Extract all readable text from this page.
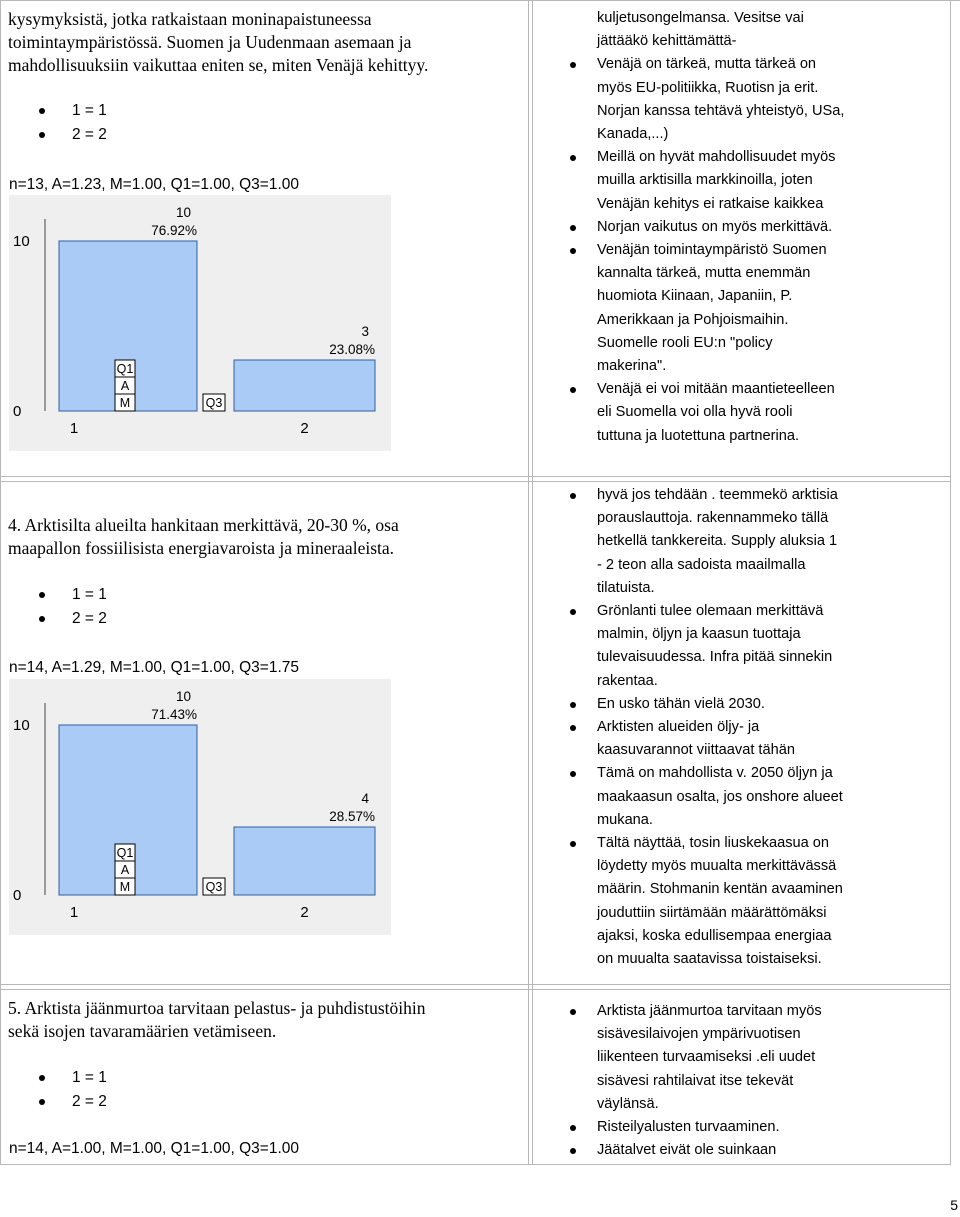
kysymyksistä, jotka ratkaistaan moninapaistuneessa
toimintaympäristössä. Suomen ja Uudenmaan asemaan ja
mahdollisuuksiin vaikuttaa eniten se, miten Venäjä kehittyy.
1 = 1
2 = 2
n=13, A=1.23, M=1.00, Q1=1.00, Q3=1.00
0
10
10
76.92%
1
3
23.08%
2
Q1
A
M	Q3
kuljetusongelmansa. Vesitse vai
jättääkö kehittämättä-
Venäjä on tärkeä, mutta tärkeä on
myös EU-politiikka, Ruotisn ja erit.
Norjan kanssa tehtävä yhteistyö, USa,
Kanada,...)
Meillä on hyvät mahdollisuudet myös
muilla arktisilla markkinoilla, joten
Venäjän kehitys ei ratkaise kaikkea
Norjan vaikutus on myös merkittävä.
Venäjän toimintaympäristö Suomen
kannalta tärkeä, mutta enemmän
huomiota Kiinaan, Japaniin, P.
Amerikkaan ja Pohjoismaihin.
Suomelle rooli EU:n "policy
makerina".
Venäjä ei voi mitään maantieteelleen
eli Suomella voi olla hyvä rooli
tuttuna ja luotettuna partnerina.
4. Arktisilta alueilta hankitaan merkittävä, 20-30 %, osa
maapallon fossiilisista energiavaroista ja mineraaleista.
1 = 1
2 = 2
n=14, A=1.29, M=1.00, Q1=1.00, Q3=1.75
0
10
10
71.43%
1
4
28.57%
2
Q1
A
M	Q3
hyvä jos tehdään . teemmekö arktisia
porauslauttoja. rakennammeko tällä
hetkellä tankkereita. Supply aluksia 1
- 2 teon alla sadoista maailmalla
tilatuista.
Grönlanti tulee olemaan merkittävä
malmin, öljyn ja kaasun tuottaja
tulevaisuudessa. Infra pitää sinnekin
rakentaa.
En usko tähän vielä 2030.
Arktisten alueiden öljy- ja
kaasuvarannot viittaavat tähän
Tämä on mahdollista v. 2050 öljyn ja
maakaasun osalta, jos onshore alueet
mukana.
Tältä näyttää, tosin liuskekaasua on
löydetty myös muualta merkittävässä
määrin. Stohmanin kentän avaaminen
jouduttiin siirtämään määrättömäksi
ajaksi, koska edullisempaa energiaa
on muualta saatavissa toistaiseksi.
5. Arktista jäänmurtoa tarvitaan pelastus- ja puhdistustöihin
sekä isojen tavaramäärien vetämiseen.
1 = 1
2 = 2
n=14, A=1.00, M=1.00, Q1=1.00, Q3=1.00
Arktista jäänmurtoa tarvitaan myös
sisävesilaivojen ympärivuotisen
liikenteen turvaamiseksi .eli uudet
sisävesi rahtilaivat itse tekevät
väylänsä.
Risteilyalusten turvaaminen.
Jäätalvet eivät ole suinkaan
5
